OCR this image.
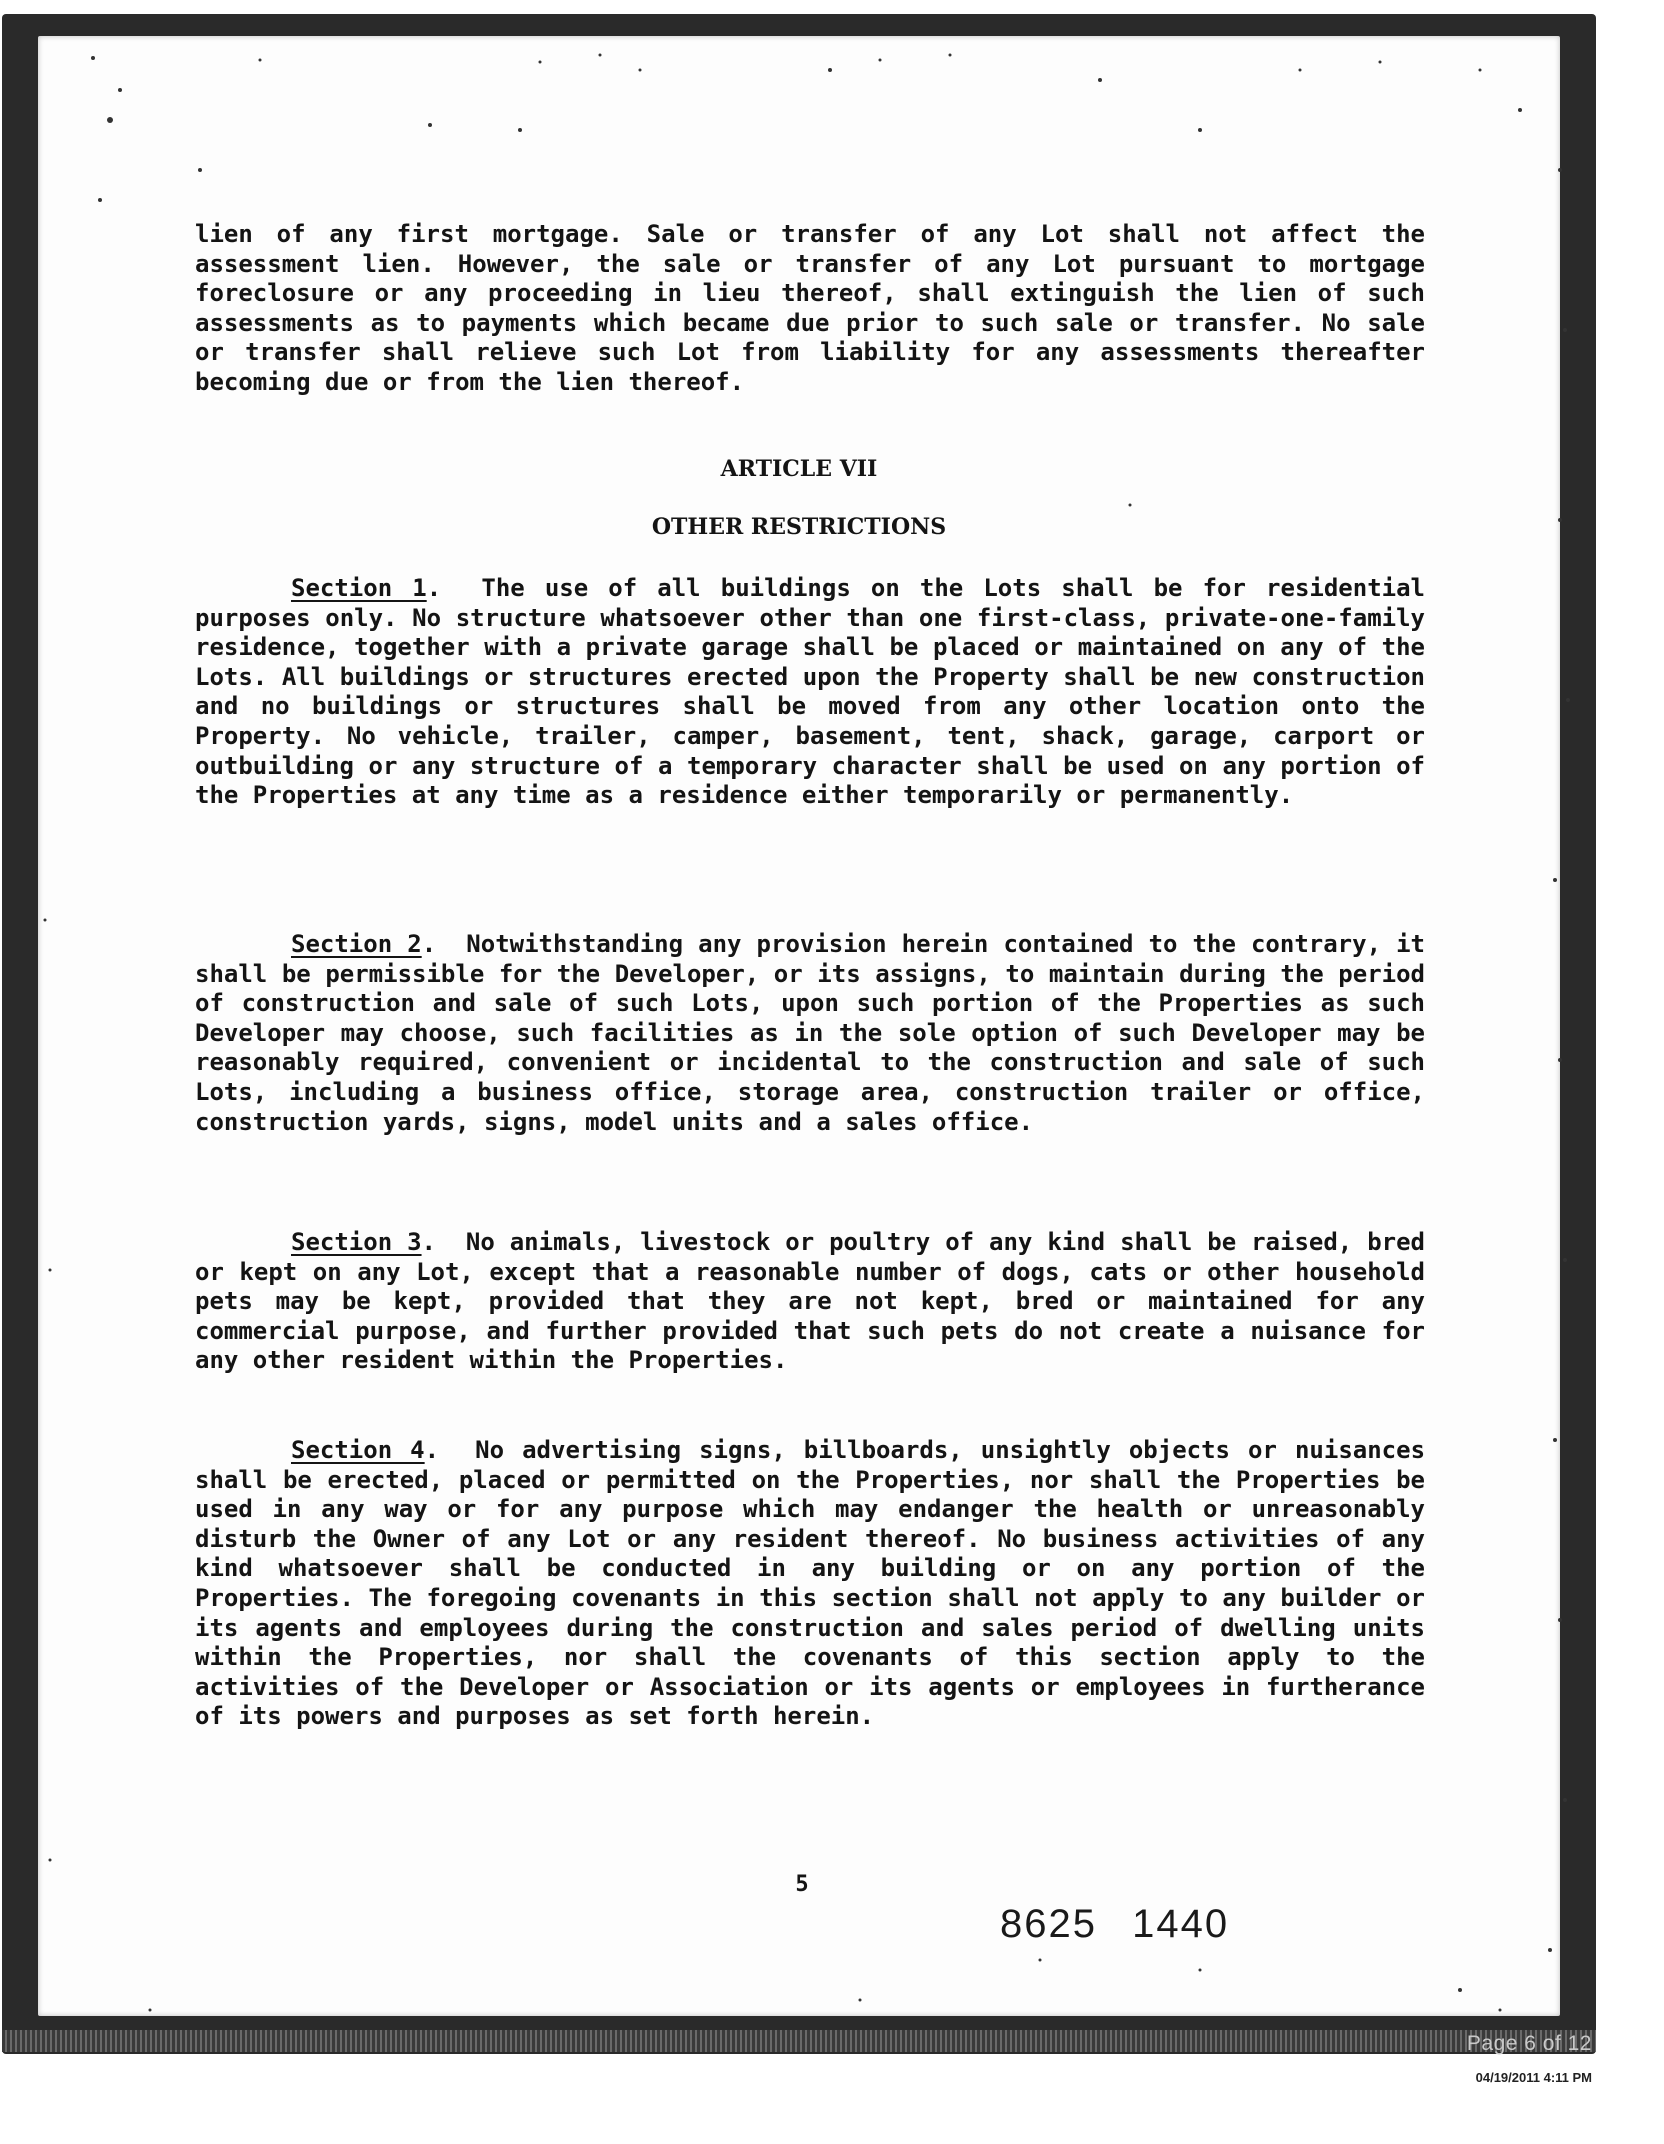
Page 6 of 12
04/19/2011 4:11 PM

lien of any first mortgage. Sale or transfer of any Lot shall not affect the assessment lien. However, the sale or transfer of any Lot pursuant to mortgage foreclosure or any proceeding in lieu thereof, shall extinguish the lien of such assessments as to payments which became due prior to such sale or transfer. No sale or transfer shall relieve such Lot from liability for any assessments thereafter becoming due or from the lien thereof.

ARTICLE VII
OTHER RESTRICTIONS

Section 1.  The use of all buildings on the Lots shall be for residential purposes only. No structure whatsoever other than one first-class, private-one-family residence, together with a private garage shall be placed or maintained on any of the Lots. All buildings or structures erected upon the Property shall be new construction and no buildings or structures shall be moved from any other location onto the Property. No vehicle, trailer, camper, basement, tent, shack, garage, carport or outbuilding or any structure of a temporary character shall be used on any portion of the Properties at any time as a residence either temporarily or permanently.

Section 2.  Notwithstanding any provision herein contained to the contrary, it shall be permissible for the Developer, or its assigns, to maintain during the period of construction and sale of such Lots, upon such portion of the Properties as such Developer may choose, such facilities as in the sole option of such Developer may be reasonably required, convenient or incidental to the construction and sale of such Lots, including a business office, storage area, construction trailer or office, construction yards, signs, model units and a sales office.

Section 3.  No animals, livestock or poultry of any kind shall be raised, bred or kept on any Lot, except that a reasonable number of dogs, cats or other household pets may be kept, provided that they are not kept, bred or maintained for any commercial purpose, and further provided that such pets do not create a nuisance for any other resident within the Properties.

Section 4.  No advertising signs, billboards, unsightly objects or nuisances shall be erected, placed or permitted on the Properties, nor shall the Properties be used in any way or for any purpose which may endanger the health or unreasonably disturb the Owner of any Lot or any resident thereof. No business activities of any kind whatsoever shall be conducted in any building or on any portion of the Properties. The foregoing covenants in this section shall not apply to any builder or its agents and employees during the construction and sales period of dwelling units within the Properties, nor shall the covenants of this section apply to the activities of the Developer or Association or its agents or employees in furtherance of its powers and purposes as set forth herein.

5
8625 1440
